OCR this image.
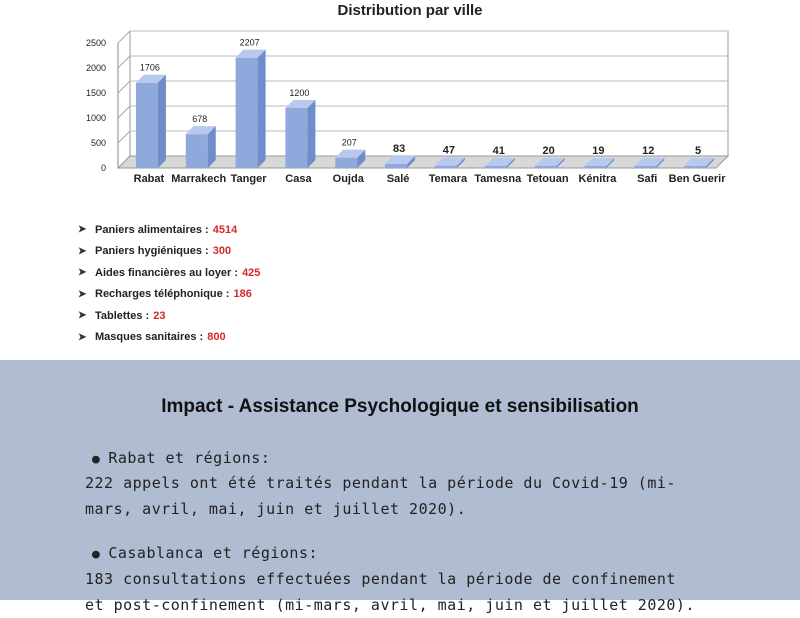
Distribution par ville
0
500
1000
1500
2000
2500
1706
Rabat
678
Marrakech
2207
Tanger
1200
Casa
207
Oujda
83
Salé
47
Temara
41
Tamesna
20
Tetouan
19
Kénitra
12
Safi
5
Ben Guerir
➤ Paniers alimentaires : 4514
➤ Paniers hygiéniques : 300
➤ Aides financières au loyer : 425
➤ Recharges téléphonique : 186
➤ Tablettes : 23
➤ Masques sanitaires : 800
Impact - Assistance Psychologique et sensibilisation
● Rabat et régions:
222 appels ont été traités pendant la période du Covid-19 (mi-
mars, avril, mai, juin et juillet 2020).
● Casablanca et régions:
183 consultations effectuées pendant la période de confinement
et post-confinement (mi-mars, avril, mai, juin et juillet 2020).
